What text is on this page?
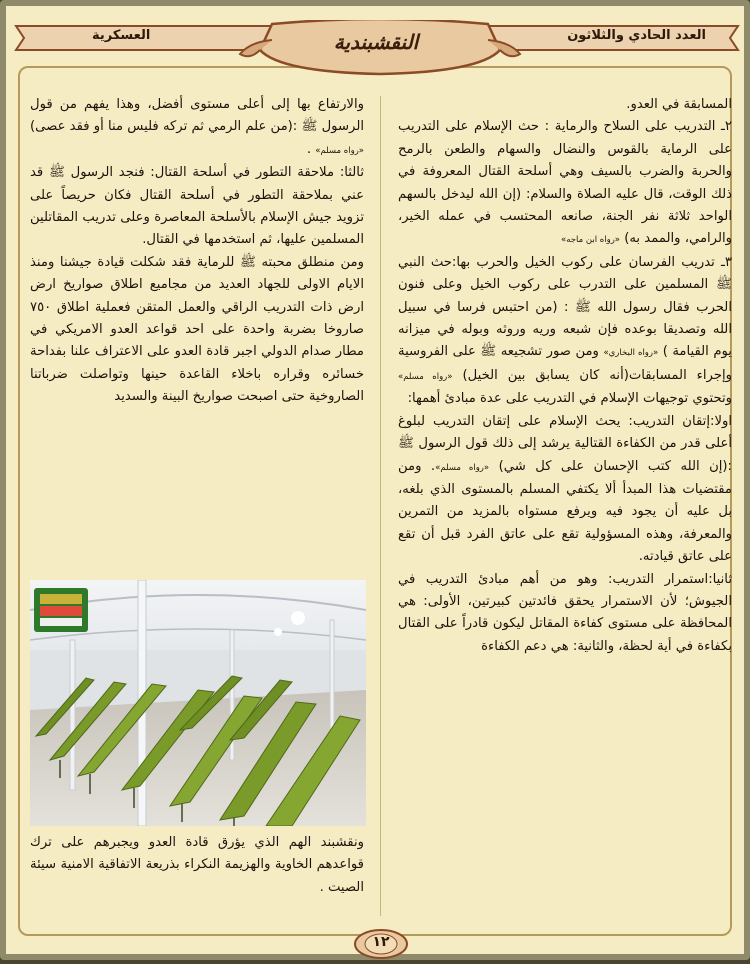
العدد الحادي والثلاثون
العسكرية	النقشبندية

المسابقة في العدو.

٢ـ التدريب على السلاح والرماية : حث الإسلام على التدريب على الرماية بالقوس والنضال والسهام والطعن بالرمح والحربة والضرب بالسيف وهي أسلحة القتال المعروفة في ذلك الوقت، قال عليه الصلاة والسلام: (إن الله ليدخل بالسهم الواحد ثلاثة نفر الجنة، صانعه المحتسب في عمله الخير، والرامي، والممد به) «رواه ابن ماجه»

٣ـ تدريب الفرسان على ركوب الخيل والحرب بها:حث النبي ﷺ المسلمين على التدرب على ركوب الخيل وعلى فنون الحرب فقال رسول الله ﷺ : (من احتبس فرسا في سبيل الله وتصديقا بوعده فإن شبعه وريه وروثه وبوله في ميزانه يوم القيامة ) «رواه البخاري» ومن صور تشجيعه ﷺ على الفروسية وإجراء المسابقات(أنه كان يسابق بين الخيل) «رواه مسلم» وتحتوي توجيهات الإسلام في التدريب على عدة مبادئ أهمها:

اولا:إتقان التدريب: يحث الإسلام على إتقان التدريب لبلوغ أعلى قدر من الكفاءة القتالية يرشد إلى ذلك قول الرسول ﷺ :(إن الله كتب الإحسان على كل شي) «رواه مسلم». ومن مقتضيات هذا المبدأ ألا يكتفي المسلم بالمستوى الذي بلغه، بل عليه أن يجود فيه ويرفع مستواه بالمزيد من التمرين والمعرفة، وهذه المسؤولية تقع على عاتق الفرد قبل أن تقع على عاتق قيادته.

ثانيا:استمرار التدريب: وهو من أهم مبادئ التدريب في الجيوش؛ لأن الاستمرار يحقق فائدتين كبيرتين، الأولى: هي المحافظة على مستوى كفاءة المقاتل ليكون قادراً على القتال بكفاءة في أية لحظة، والثانية: هي دعم الكفاءة

والارتفاع بها إلى أعلى مستوى أفضل، وهذا يفهم من قول الرسول ﷺ :(من علم الرمي ثم تركه فليس منا أو فقد عصى) «رواه مسلم» .

ثالثا: ملاحقة التطور في أسلحة القتال: فنجد الرسول ﷺ قد عني بملاحقة التطور في أسلحة القتال فكان حريصاً على تزويد جيش الإسلام بالأسلحة المعاصرة وعلى تدريب المقاتلين المسلمين عليها، ثم استخدمها في القتال.

ومن منطلق محبته ﷺ للرماية فقد شكلت قيادة جيشنا ومنذ الايام الاولى للجهاد العديد من مجاميع اطلاق صواريخ ارض ارض ذات التدريب الراقي والعمل المتقن فعملية اطلاق ٧٥٠ صاروخا بضربة واحدة على احد قواعد العدو الامريكي في مطار صدام الدولي اجبر قادة العدو على الاعتراف علنا بفداحة خسائره وقراره باخلاء القاعدة حينها وتواصلت ضرباتنا الصاروخية حتى اصبحت صواريخ البينة والسديد

ونقشبند الهم الذي يؤرق قادة العدو ويجبرهم على ترك قواعدهم الخاوية والهزيمة النكراء بذريعة الاتفاقية الامنية سيئة الصيت .

١٢
